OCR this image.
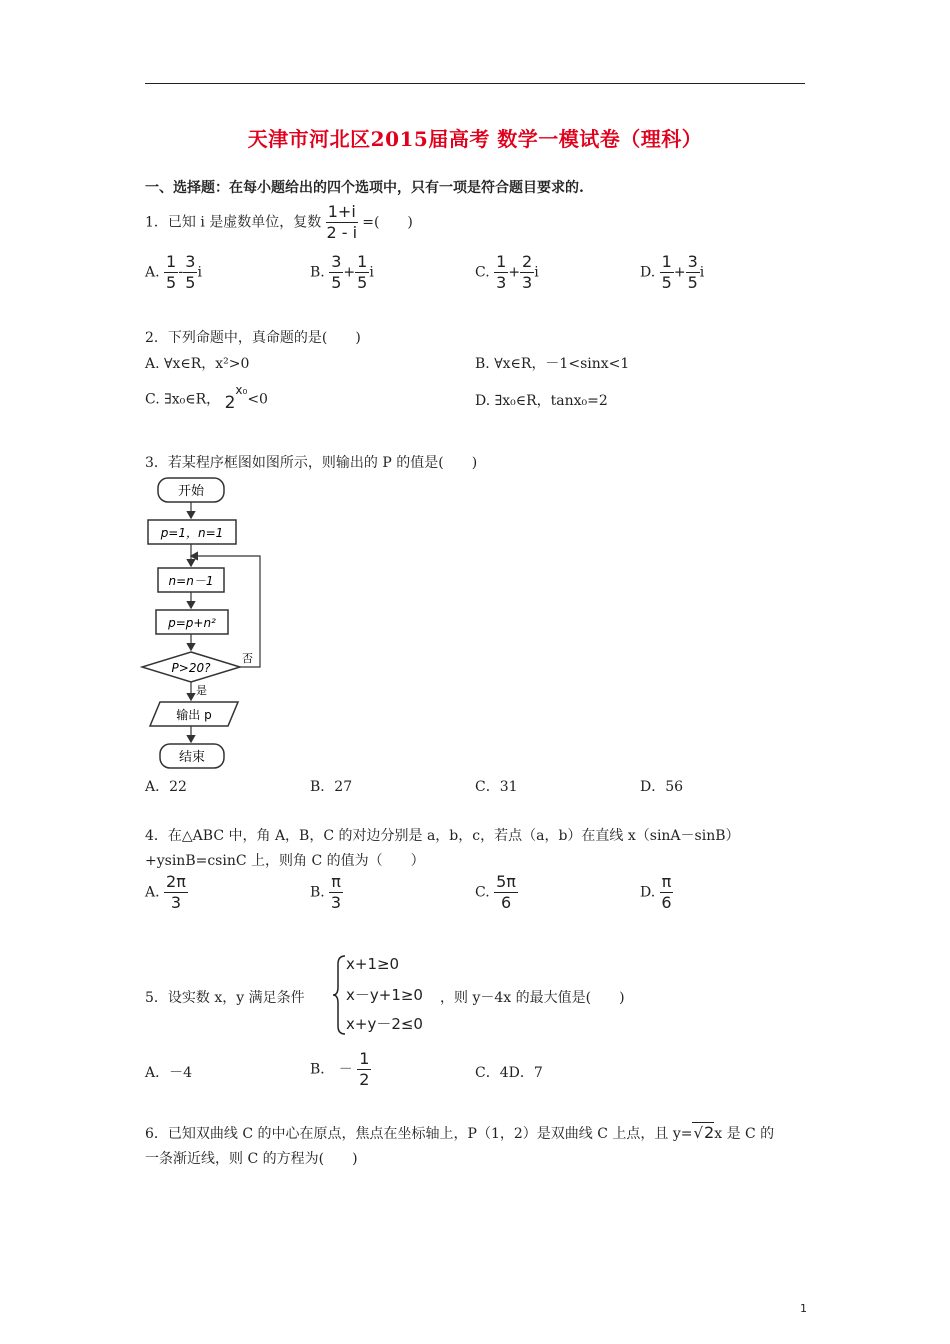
天津市河北区2015届高考 数学一模试卷（理科）
一、选择题：在每小题给出的四个选项中，只有一项是符合题目要求的.
1．已知 i 是虚数单位，复数 $\frac{1+i}{2 - i}$ =(　　)
A. $\frac{1}{5} - \frac{3}{5}$ i	B. $\frac{3}{5} + \frac{1}{5}$ i	C. $\frac{1}{3} + \frac{2}{3}$ i	D. $\frac{1}{5} + \frac{3}{5}$ i
2．下列命题中，真命题的是(　　)
A. ∀x∈R，x²>0	B. ∀x∈R，－1<sinx<1
C. ∃x₀∈R， $2^{x_0}<0$	D. ∃x₀∈R，tanx₀=2
3．若某程序框图如图所示，则输出的 P 的值是(　　)
开始
p=1，n=1
n=n－1
p=p+n²
P>20?
否
是
输出 p
结束
A．22	B．27	C．31	D．56
4．在△ABC 中，角 A，B，C 的对边分别是 a，b，c，若点（a，b）在直线 x（sinA－sinB）
+ysinB=csinC 上，则角 C 的值为（　　）
A. $\frac{2\pi}{3}$	B. $\frac{\pi}{3}$	C. $\frac{5\pi}{6}$	D. $\frac{\pi}{6}$
5．设实数 x，y 满足条件
x+1≥0
x－y+1≥0
x+y－2≤0
，则 y－4x 的最大值是(　　)
A．－4	B． － $\frac{1}{2}$	C．4D．7
6．已知双曲线 C 的中心在原点，焦点在坐标轴上，P（1，2）是双曲线 C 上点，且 y=√2x 是 C 的
一条渐近线，则 C 的方程为(　　)
1
